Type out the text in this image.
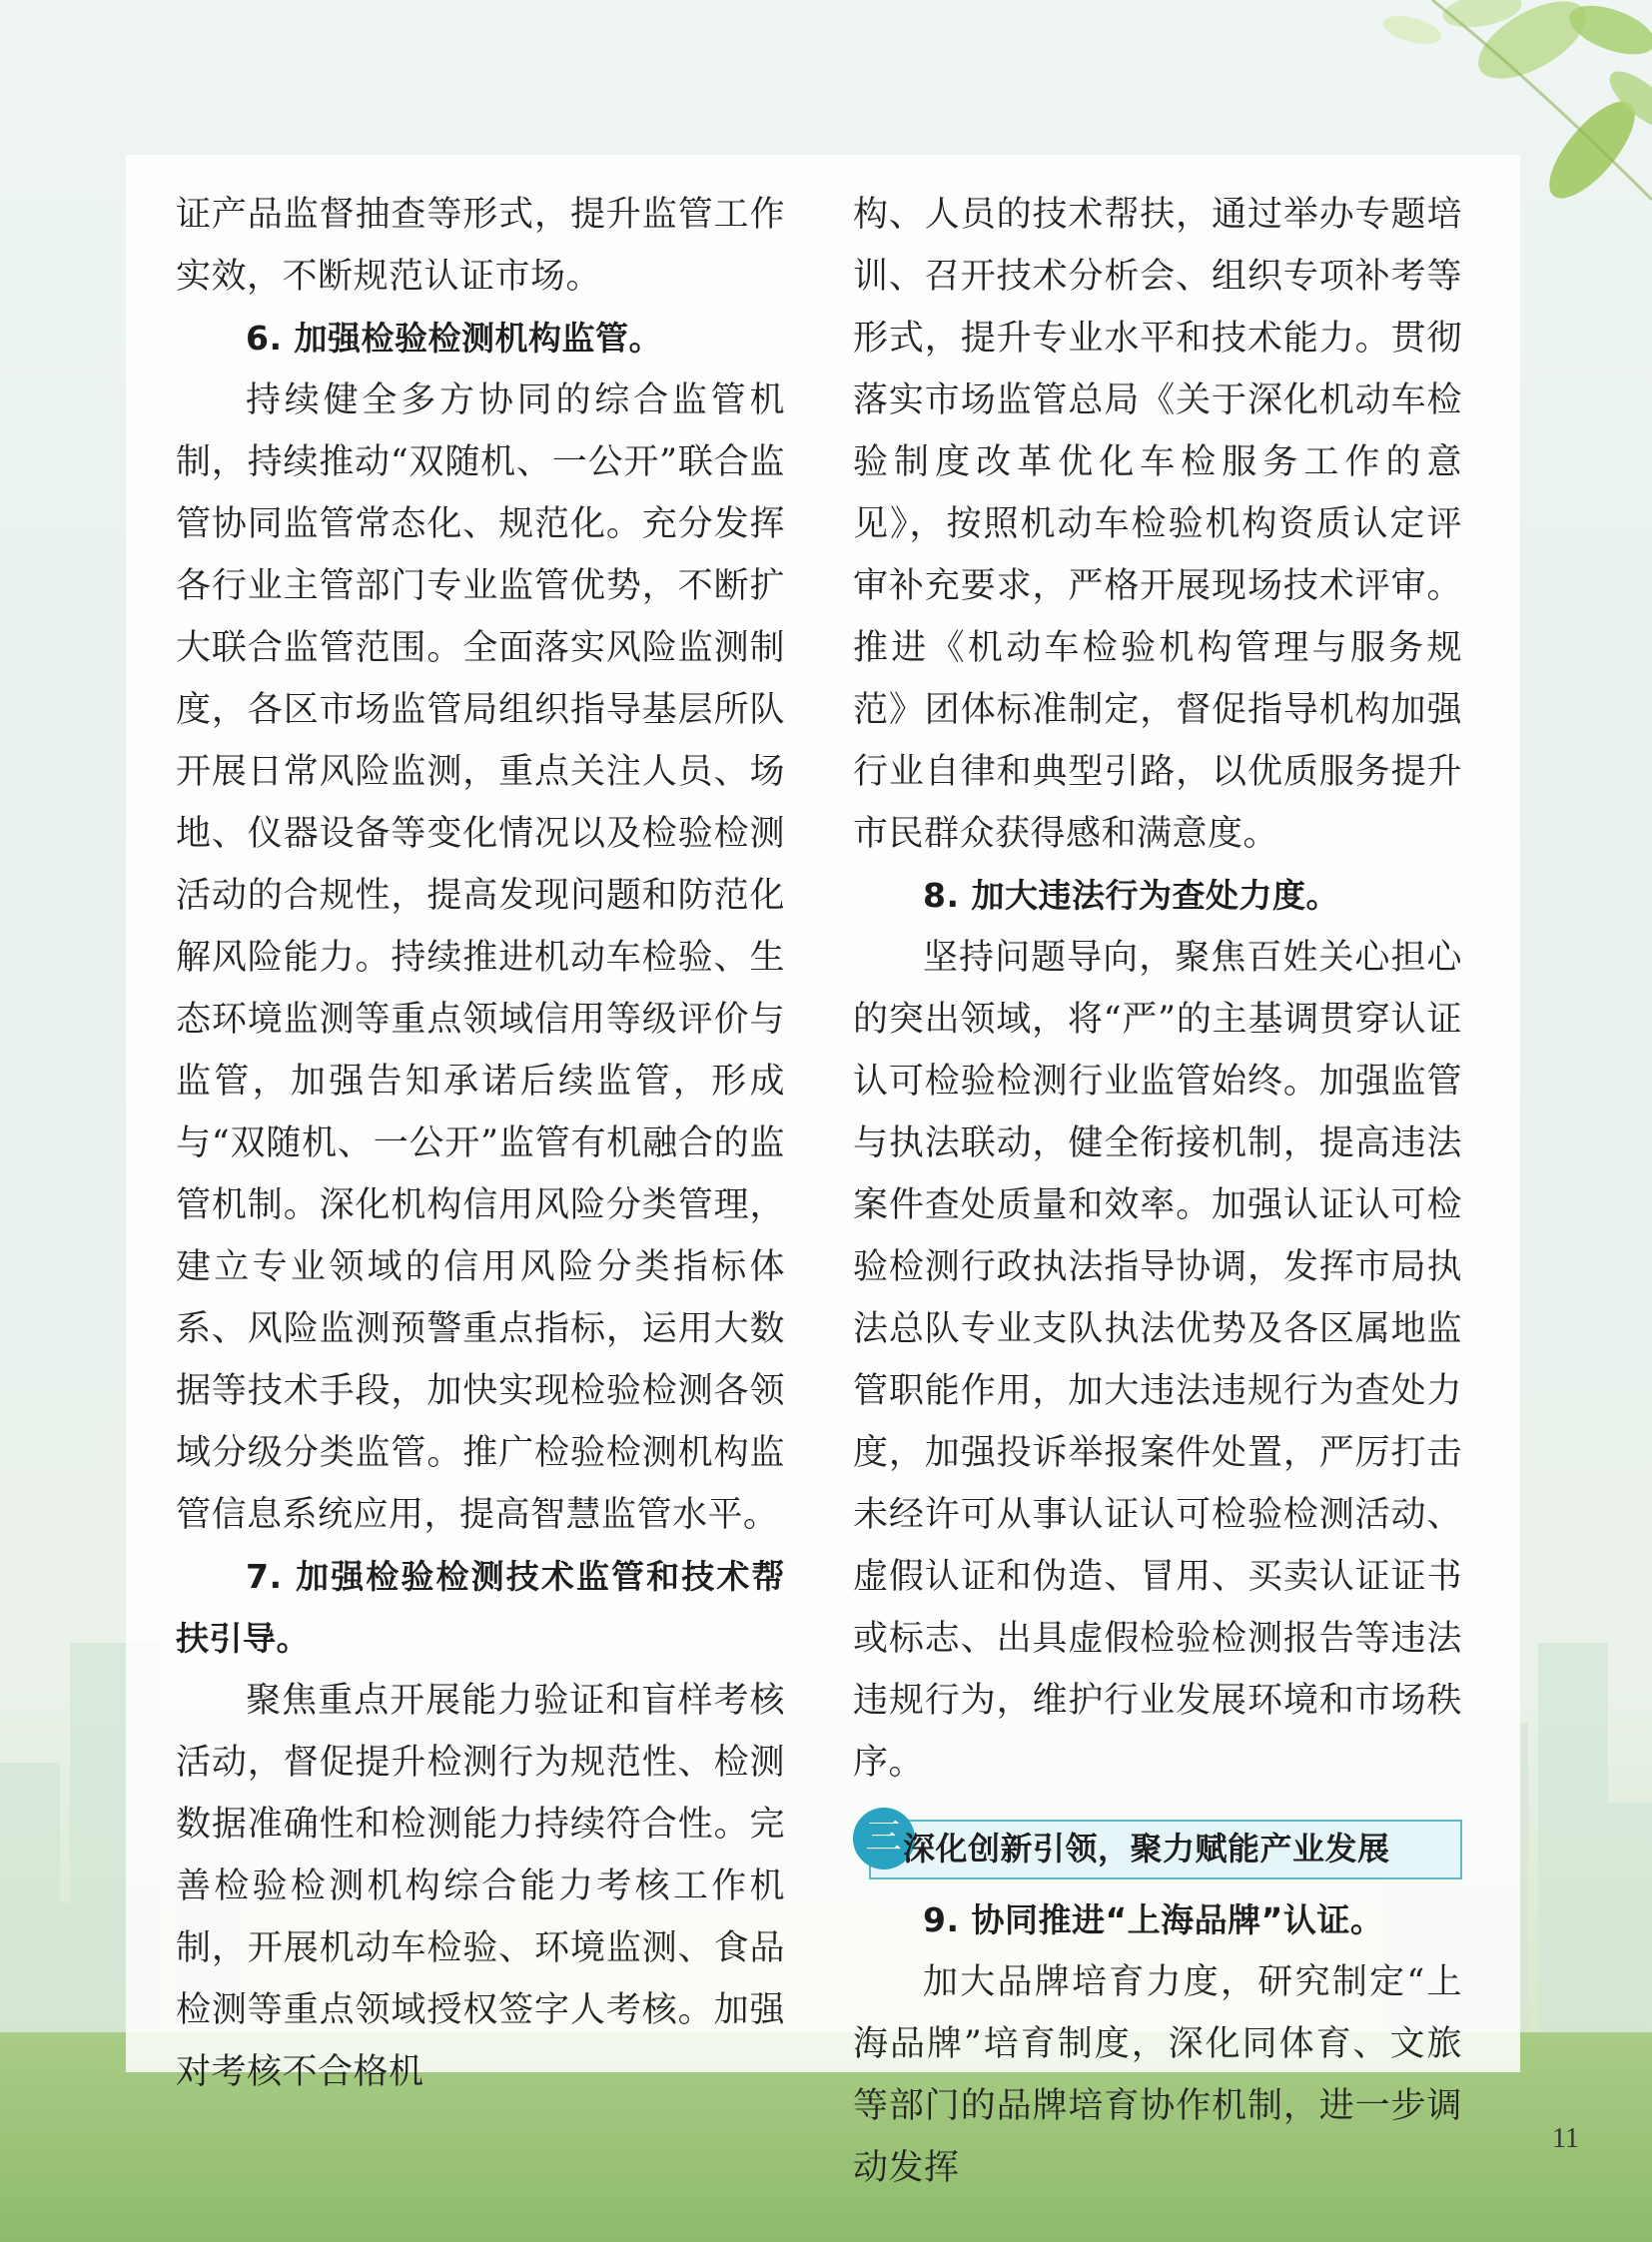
证产品监督抽查等形式，提升监管工作实效，不断规范认证市场。

6. 加强检验检测机构监管。

持续健全多方协同的综合监管机制，持续推动“双随机、一公开”联合监管协同监管常态化、规范化。充分发挥各行业主管部门专业监管优势，不断扩大联合监管范围。全面落实风险监测制度，各区市场监管局组织指导基层所队开展日常风险监测，重点关注人员、场地、仪器设备等变化情况以及检验检测活动的合规性，提高发现问题和防范化解风险能力。持续推进机动车检验、生态环境监测等重点领域信用等级评价与监管，加强告知承诺后续监管，形成与“双随机、一公开”监管有机融合的监管机制。深化机构信用风险分类管理，建立专业领域的信用风险分类指标体系、风险监测预警重点指标，运用大数据等技术手段，加快实现检验检测各领域分级分类监管。推广检验检测机构监管信息系统应用，提高智慧监管水平。

7. 加强检验检测技术监管和技术帮扶引导。

聚焦重点开展能力验证和盲样考核活动，督促提升检测行为规范性、检测数据准确性和检测能力持续符合性。完善检验检测机构综合能力考核工作机制，开展机动车检验、环境监测、食品检测等重点领域授权签字人考核。加强对考核不合格机

构、人员的技术帮扶，通过举办专题培训、召开技术分析会、组织专项补考等形式，提升专业水平和技术能力。贯彻落实市场监管总局《关于深化机动车检验制度改革优化车检服务工作的意见》，按照机动车检验机构资质认定评审补充要求，严格开展现场技术评审。推进《机动车检验机构管理与服务规范》团体标准制定，督促指导机构加强行业自律和典型引路，以优质服务提升市民群众获得感和满意度。

8. 加大违法行为查处力度。

坚持问题导向，聚焦百姓关心担心的突出领域，将“严”的主基调贯穿认证认可检验检测行业监管始终。加强监管与执法联动，健全衔接机制，提高违法案件查处质量和效率。加强认证认可检验检测行政执法指导协调，发挥市局执法总队专业支队执法优势及各区属地监管职能作用，加大违法违规行为查处力度，加强投诉举报案件处置，严厉打击未经许可从事认证认可检验检测活动、虚假认证和伪造、冒用、买卖认证证书或标志、出具虚假检验检测报告等违法违规行为，维护行业发展环境和市场秩序。

三 深化创新引领，聚力赋能产业发展

9. 协同推进“上海品牌”认证。

加大品牌培育力度，研究制定“上海品牌”培育制度，深化同体育、文旅等部门的品牌培育协作机制，进一步调动发挥

11
